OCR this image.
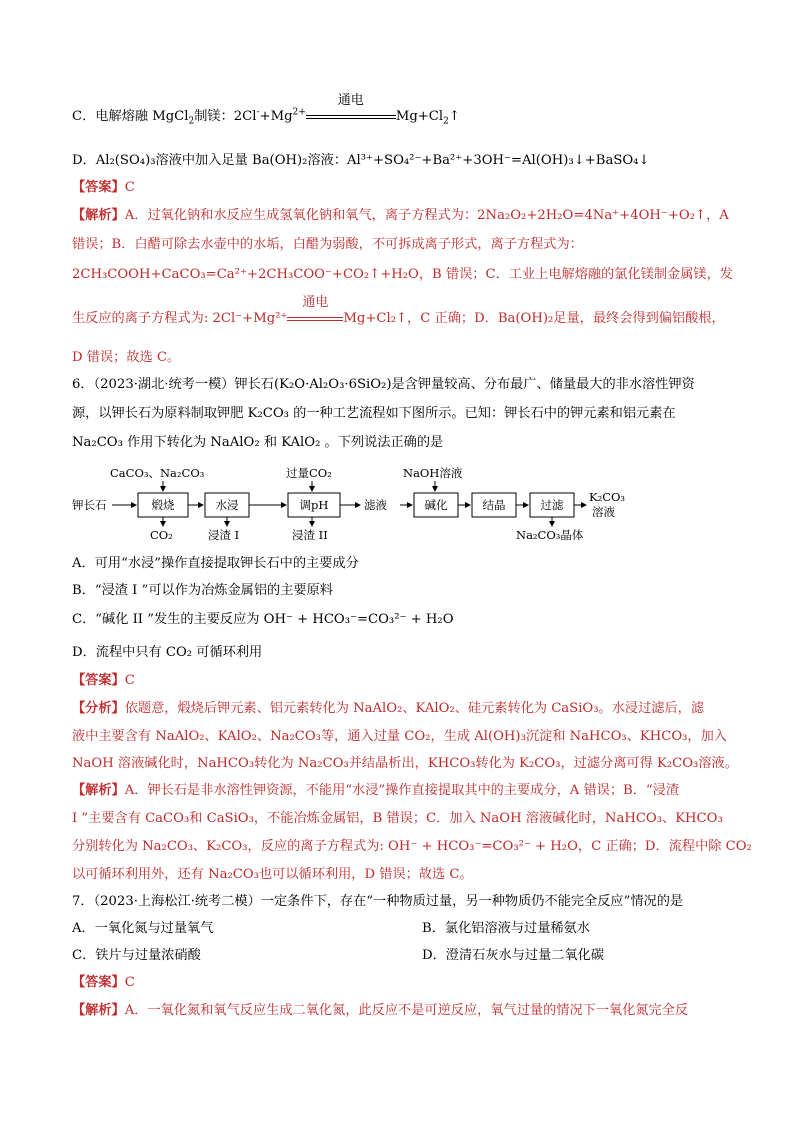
C．电解熔融 MgCl$_2$制镁：$2Cl^-+Mg^{2+}$
通电
$Mg+Cl_2↑$
D．Al₂(SO₄)₃溶液中加入足量 Ba(OH)₂溶液：Al³⁺+SO₄²⁻+Ba²⁺+3OH⁻=Al(OH)₃↓+BaSO₄↓
【答案】C
【解析】A．过氧化钠和水反应生成氢氧化钠和氧气，离子方程式为：2Na₂O₂+2H₂O=4Na⁺+4OH⁻+O₂↑，A
错误；B．白醋可除去水壶中的水垢，白醋为弱酸，不可拆成离子形式，离子方程式为：
2CH₃COOH+CaCO₃=Ca²⁺+2CH₃COO⁻+CO₂↑+H₂O，B 错误；C．工业上电解熔融的氯化镁制金属镁，发
生反应的离子方程式为: 2Cl⁻+Mg²⁺
通电
Mg+Cl₂↑，C 正确；D．Ba(OH)₂足量，最终会得到偏铝酸根，
D 错误；故选 C。
6．（2023·湖北·统考一模）钾长石(K₂O·Al₂O₃·6SiO₂)是含钾量较高、分布最广、储量最大的非水溶性钾资
源，以钾长石为原料制取钾肥 K₂CO₃ 的一种工艺流程如下图所示。已知：钾长石中的钾元素和铝元素在
Na₂CO₃ 作用下转化为 NaAlO₂ 和 KAlO₂ 。下列说法正确的是
钾长石
CaCO₃、Na₂CO₃
煅烧
CO₂
水浸
浸渣 I
过量CO₂
调pH
浸渣 II
滤液
NaOH溶液
碱化	结晶	过滤
Na₂CO₃晶体
K₂CO₃
溶液
A．可用“水浸”操作直接提取钾长石中的主要成分
B．“浸渣 I ”可以作为冶炼金属铝的主要原料
C．“碱化 II ”发生的主要反应为 OH⁻ + HCO₃⁻=CO₃²⁻ + H₂O
D．流程中只有 CO₂ 可循环利用
【答案】C
【分析】依题意，煅烧后钾元素、铝元素转化为 NaAlO₂、KAlO₂、硅元素转化为 CaSiO₃。水浸过滤后，滤
液中主要含有 NaAlO₂、KAlO₂、Na₂CO₃等，通入过量 CO₂，生成 Al(OH)₃沉淀和 NaHCO₃、KHCO₃，加入
NaOH 溶液碱化时，NaHCO₃转化为 Na₂CO₃并结晶析出，KHCO₃转化为 K₂CO₃，过滤分离可得 K₂CO₃溶液。
【解析】A．钾长石是非水溶性钾资源，不能用“水浸”操作直接提取其中的主要成分，A 错误；B．“浸渣
I ”主要含有 CaCO₃和 CaSiO₃，不能冶炼金属铝，B 错误；C．加入 NaOH 溶液碱化时，NaHCO₃、KHCO₃
分别转化为 Na₂CO₃、K₂CO₃，反应的离子方程式为: OH⁻ + HCO₃⁻=CO₃²⁻ + H₂O，C 正确；D．流程中除 CO₂
以可循环利用外，还有 Na₂CO₃也可以循环利用，D 错误；故选 C。
7．（2023·上海松江·统考二模）一定条件下，存在“一种物质过量，另一种物质仍不能完全反应”情况的是
A．一氧化氮与过量氧气	B．氯化铝溶液与过量稀氨水
C．铁片与过量浓硝酸	D．澄清石灰水与过量二氧化碳
【答案】C
【解析】A．一氧化氮和氧气反应生成二氧化氮，此反应不是可逆反应，氧气过量的情况下一氧化氮完全反
